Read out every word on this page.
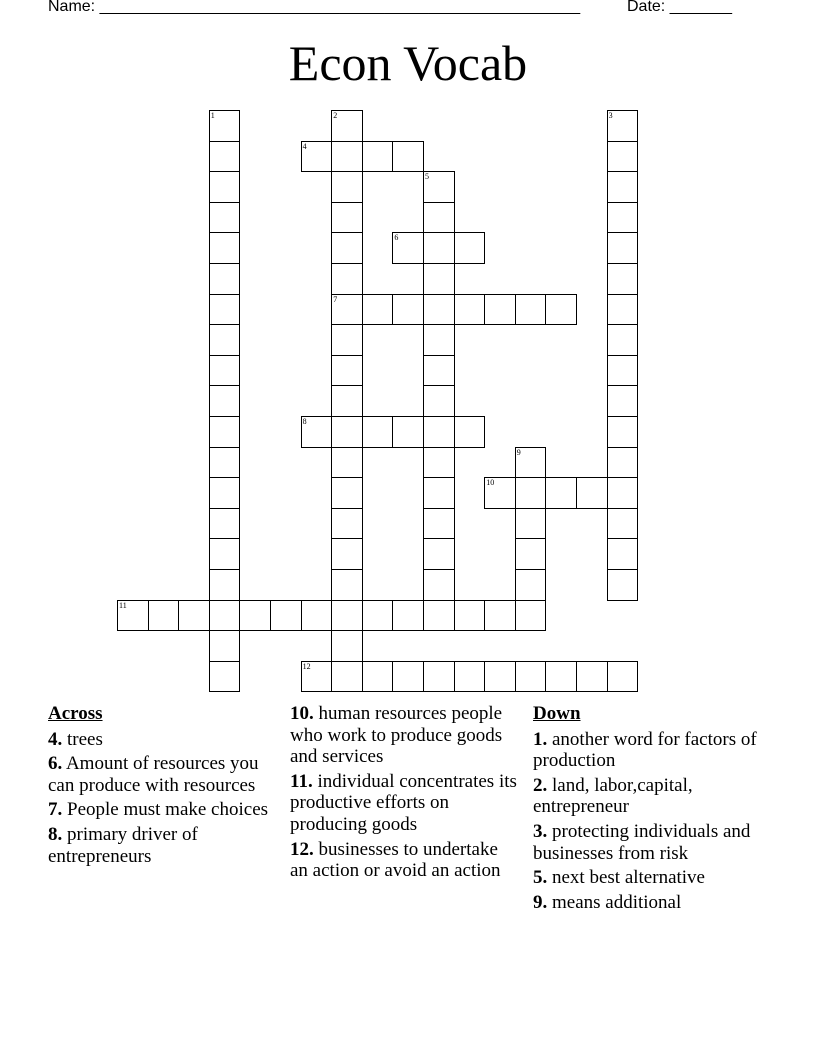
Name: ______________________________________________________	Date: _______
Econ Vocab
1	2	3
4
5
6
7
8
9
10
11
12
Across
4. trees
6. Amount of resources you can produce with resources
7. People must make choices
8. primary driver of entrepreneurs
10. human resources people who work to produce goods and services
11. individual concentrates its productive efforts on producing goods
12. businesses to undertake an action or avoid an action
Down
1. another word for factors of production
2. land, labor,capital, entrepreneur
3. protecting individuals and businesses from risk
5. next best alternative
9. means additional
